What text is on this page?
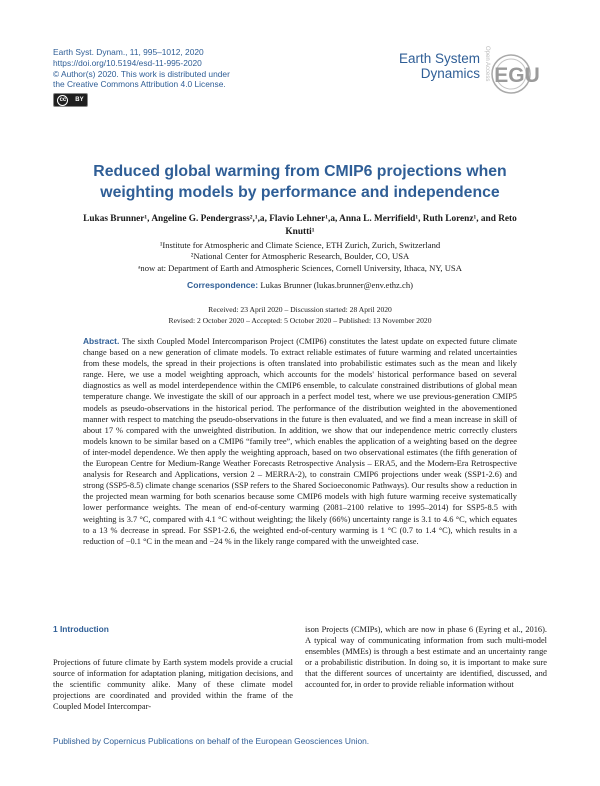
Earth Syst. Dynam., 11, 995–1012, 2020
https://doi.org/10.5194/esd-11-995-2020
© Author(s) 2020. This work is distributed under
the Creative Commons Attribution 4.0 License.
cc	BY
Earth System
Dynamics Open Access EGU
Reduced global warming from CMIP6 projections when weighting models by performance and independence
Lukas Brunner¹, Angeline G. Pendergrass²,¹,a, Flavio Lehner¹,a, Anna L. Merrifield¹, Ruth Lorenz¹, and Reto Knutti¹
¹Institute for Atmospheric and Climate Science, ETH Zurich, Zurich, Switzerland
²National Center for Atmospheric Research, Boulder, CO, USA
ᵃnow at: Department of Earth and Atmospheric Sciences, Cornell University, Ithaca, NY, USA
Correspondence: Lukas Brunner (lukas.brunner@env.ethz.ch)
Received: 23 April 2020 – Discussion started: 28 April 2020
Revised: 2 October 2020 – Accepted: 5 October 2020 – Published: 13 November 2020
Abstract. The sixth Coupled Model Intercomparison Project (CMIP6) constitutes the latest update on expected future climate change based on a new generation of climate models. To extract reliable estimates of future warming and related uncertainties from these models, the spread in their projections is often translated into probabilistic estimates such as the mean and likely range. Here, we use a model weighting approach, which accounts for the models' historical performance based on several diagnostics as well as model interdependence within the CMIP6 ensemble, to calculate constrained distributions of global mean temperature change. We investigate the skill of our approach in a perfect model test, where we use previous-generation CMIP5 models as pseudo-observations in the historical period. The performance of the distribution weighted in the abovementioned manner with respect to matching the pseudo-observations in the future is then evaluated, and we find a mean increase in skill of about 17 % compared with the unweighted distribution. In addition, we show that our independence metric correctly clusters models known to be similar based on a CMIP6 “family tree”, which enables the application of a weighting based on the degree of inter-model dependence. We then apply the weighting approach, based on two observational estimates (the fifth generation of the European Centre for Medium-Range Weather Forecasts Retrospective Analysis – ERA5, and the Modern-Era Retrospective analysis for Research and Applications, version 2 – MERRA-2), to constrain CMIP6 projections under weak (SSP1-2.6) and strong (SSP5-8.5) climate change scenarios (SSP refers to the Shared Socioeconomic Pathways). Our results show a reduction in the projected mean warming for both scenarios because some CMIP6 models with high future warming receive systematically lower performance weights. The mean of end-of-century warming (2081–2100 relative to 1995–2014) for SSP5-8.5 with weighting is 3.7 °C, compared with 4.1 °C without weighting; the likely (66%) uncertainty range is 3.1 to 4.6 °C, which equates to a 13 % decrease in spread. For SSP1-2.6, the weighted end-of-century warming is 1 °C (0.7 to 1.4 °C), which results in a reduction of −0.1 °C in the mean and −24 % in the likely range compared with the unweighted case.
1 Introduction
Projections of future climate by Earth system models provide a crucial source of information for adaptation planing, mitigation decisions, and the scientific community alike. Many of these climate model projections are coordinated and provided within the frame of the Coupled Model Intercompar-
ison Projects (CMIPs), which are now in phase 6 (Eyring et al., 2016). A typical way of communicating information from such multi-model ensembles (MMEs) is through a best estimate and an uncertainty range or a probabilistic distribution. In doing so, it is important to make sure that the different sources of uncertainty are identified, discussed, and accounted for, in order to provide reliable information without
Published by Copernicus Publications on behalf of the European Geosciences Union.
